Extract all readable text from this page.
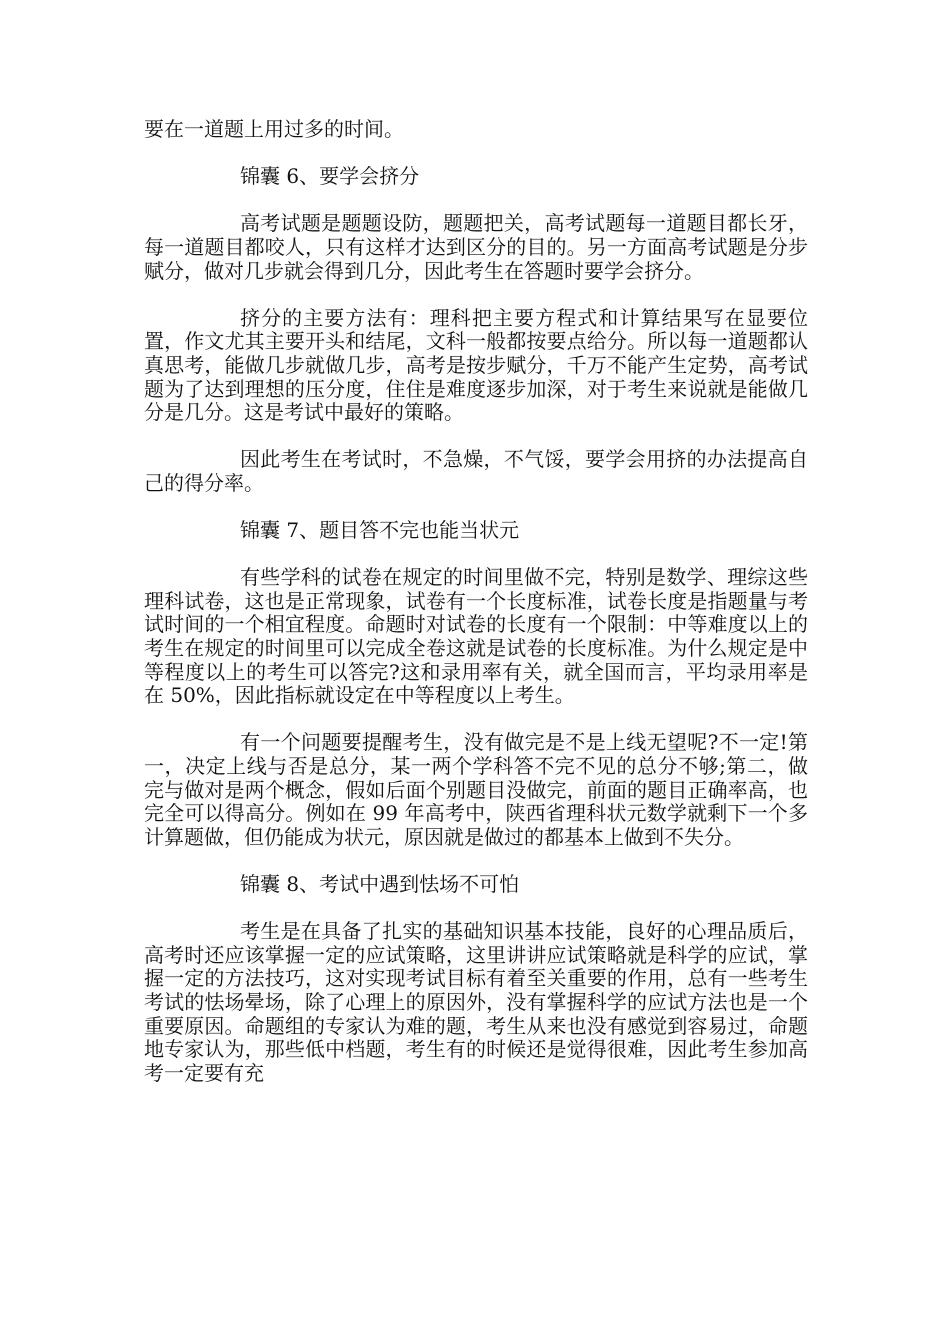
要在一道题上用过多的时间。

锦囊 6、要学会挤分

高考试题是题题设防，题题把关，高考试题每一道题目都长牙，每一道题目都咬人，只有这样才达到区分的目的。另一方面高考试题是分步赋分，做对几步就会得到几分，因此考生在答题时要学会挤分。

挤分的主要方法有：理科把主要方程式和计算结果写在显要位置，作文尤其主要开头和结尾，文科一般都按要点给分。所以每一道题都认真思考，能做几步就做几步，高考是按步赋分，千万不能产生定势，高考试题为了达到理想的压分度，住住是难度逐步加深，对于考生来说就是能做几分是几分。这是考试中最好的策略。

因此考生在考试时，不急燥，不气馁，要学会用挤的办法提高自己的得分率。

锦囊 7、题目答不完也能当状元

有些学科的试卷在规定的时间里做不完，特别是数学、理综这些理科试卷，这也是正常现象，试卷有一个长度标准，试卷长度是指题量与考试时间的一个相宜程度。命题时对试卷的长度有一个限制：中等难度以上的考生在规定的时间里可以完成全卷这就是试卷的长度标准。为什么规定是中等程度以上的考生可以答完?这和录用率有关，就全国而言，平均录用率是在 50%，因此指标就设定在中等程度以上考生。

有一个问题要提醒考生，没有做完是不是上线无望呢?不一定!第一，决定上线与否是总分，某一两个学科答不完不见的总分不够;第二，做完与做对是两个概念，假如后面个别题目没做完，前面的题目正确率高，也完全可以得高分。例如在 99 年高考中，陕西省理科状元数学就剩下一个多计算题做，但仍能成为状元，原因就是做过的都基本上做到不失分。

锦囊 8、考试中遇到怯场不可怕

考生是在具备了扎实的基础知识基本技能，良好的心理品质后，高考时还应该掌握一定的应试策略，这里讲讲应试策略就是科学的应试，掌握一定的方法技巧，这对实现考试目标有着至关重要的作用，总有一些考生考试的怯场晕场，除了心理上的原因外，没有掌握科学的应试方法也是一个重要原因。命题组的专家认为难的题，考生从来也没有感觉到容易过，命题地专家认为，那些低中档题，考生有的时候还是觉得很难，因此考生参加高考一定要有充
